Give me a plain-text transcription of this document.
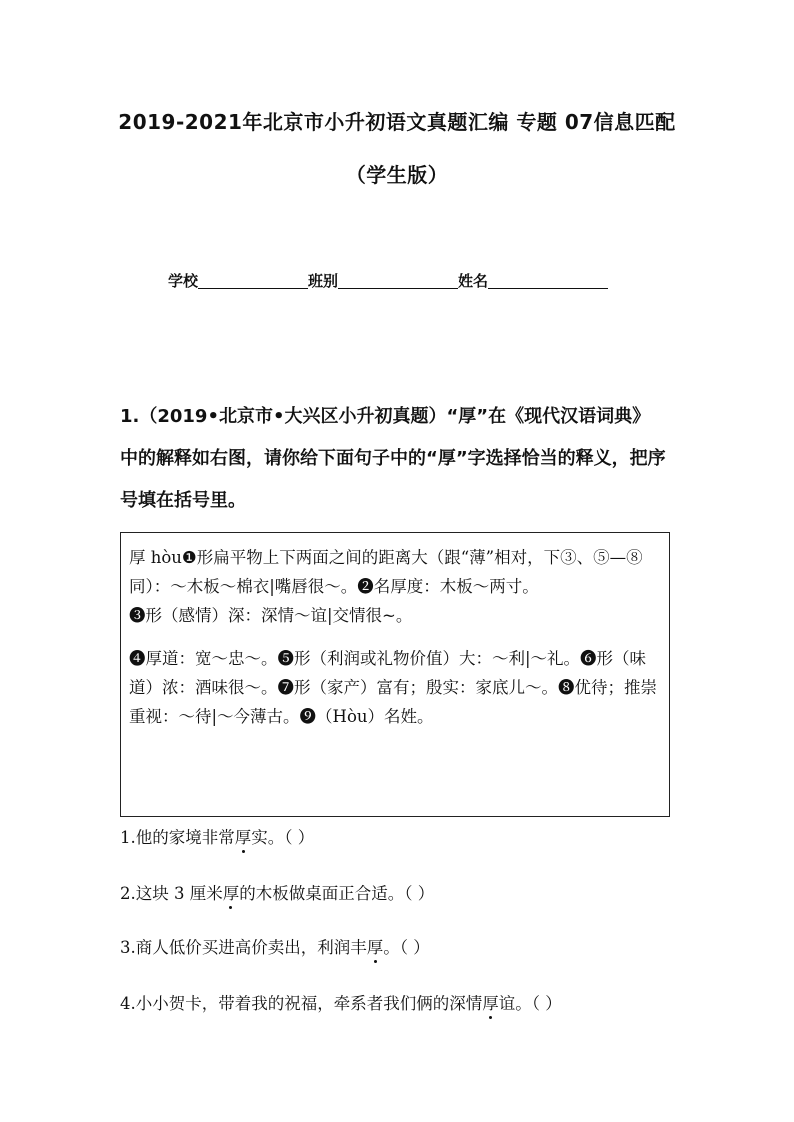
2019-2021年北京市小升初语文真题汇编 专题 07信息匹配
（学生版）
学校	班别	姓名
1.（2019•北京市•大兴区小升初真题）“厚”在《现代汉语词典》中的解释如右图，请你给下面句子中的“厚”字选择恰当的释义，把序号填在括号里。

厚 hòu❶形扁平物上下两面之间的距离大（跟“薄”相对，下③、⑤—⑧同）：～木板～棉衣|嘴唇很～。❷名厚度：木板～两寸。

❸形（感情）深：深情～谊|交情很~。

❹厚道：宽～忠～。❺形（利润或礼物价值）大：～利|～礼。❻形（味道）浓：酒味很～。❼形（家产）富有；殷实：家底儿～。❽优待；推崇重视：～待|～今薄古。❾（Hòu）名姓。

1.他的家境非常厚实。（ ）
2.这块 3 厘米厚的木板做桌面正合适。（ ）
3.商人低价买进高价卖出，利润丰厚。（ ）
4.小小贺卡，带着我的祝福，牵系者我们俩的深情厚谊。（ ）
